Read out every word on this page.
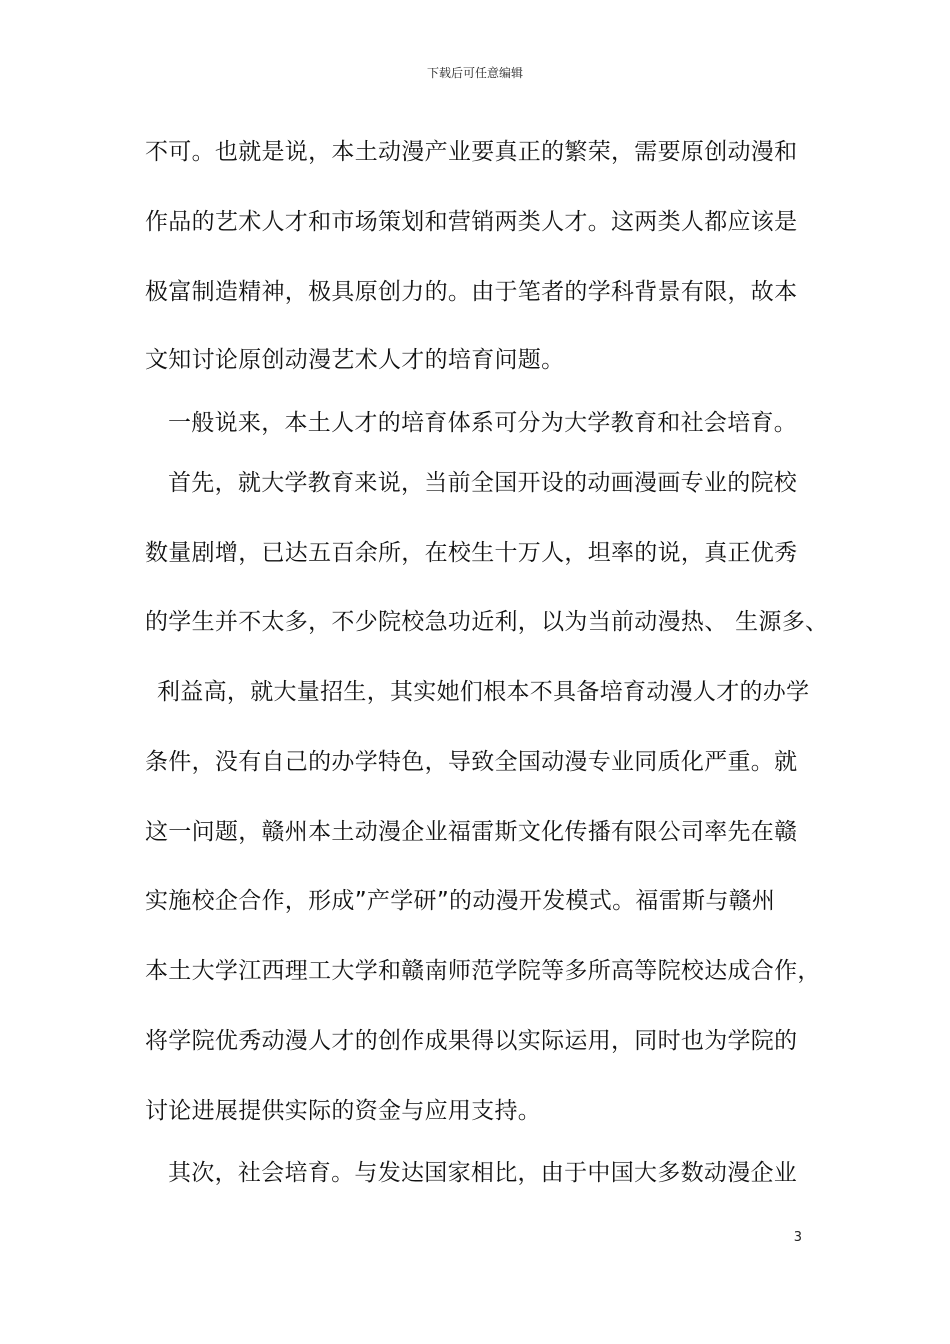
下载后可任意编辑
不可。也就是说，本土动漫产业要真正的繁荣，需要原创动漫和
作品的艺术人才和市场策划和营销两类人才。这两类人都应该是
极富制造精神，极具原创力的。由于笔者的学科背景有限，故本
文知讨论原创动漫艺术人才的培育问题。
一般说来，本土人才的培育体系可分为大学教育和社会培育。
首先，就大学教育来说，当前全国开设的动画漫画专业的院校
数量剧增，已达五百余所，在校生十万人，坦率的说，真正优秀
的学生并不太多，不少院校急功近利，以为当前动漫热、 生源多、
利益高，就大量招生，其实她们根本不具备培育动漫人才的办学
条件，没有自己的办学特色，导致全国动漫专业同质化严重。就
这一问题，赣州本土动漫企业福雷斯文化传播有限公司率先在赣
实施校企合作，形成”产学研”的动漫开发模式。福雷斯与赣州
本土大学江西理工大学和赣南师范学院等多所高等院校达成合作，
将学院优秀动漫人才的创作成果得以实际运用，同时也为学院的
讨论进展提供实际的资金与应用支持。
其次，社会培育。与发达国家相比，由于中国大多数动漫企业
3
